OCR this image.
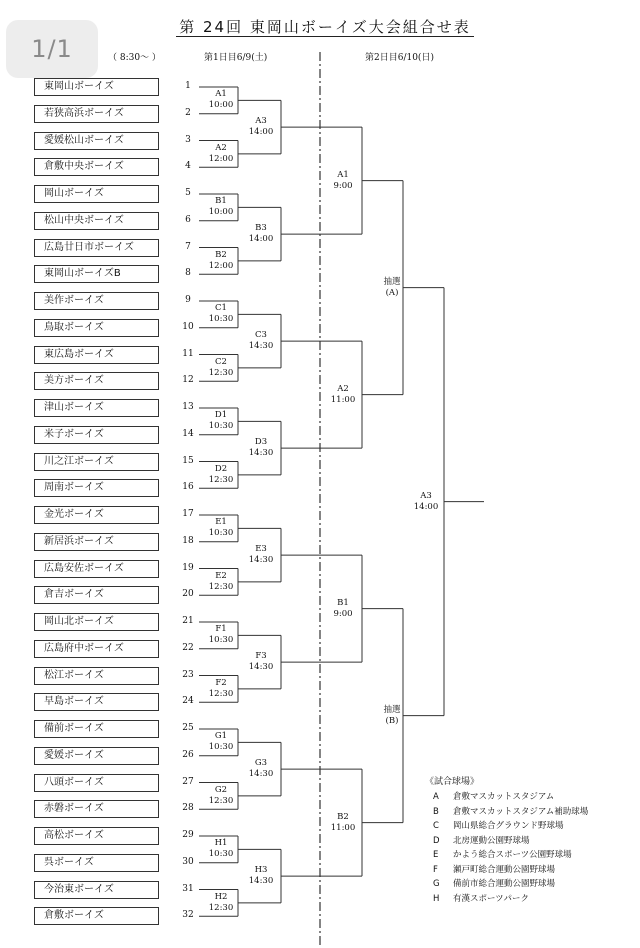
第 24回 東岡山ボーイズ大会組合せ表
（ 8:30～ ）	第1日目6/9(土)	第2日目6/10(日)
東岡山ボーイズ	1
若狭高浜ボーイズ	2
愛媛松山ボーイズ	3
倉敷中央ボーイズ	4
岡山ボーイズ	5
松山中央ボーイズ	6
広島廿日市ボーイズ	7
東岡山ボーイズB	8
美作ボーイズ	9
鳥取ボーイズ	10
東広島ボーイズ	11
美方ボーイズ	12
津山ボーイズ	13
米子ボーイズ	14
川之江ボーイズ	15
周南ボーイズ	16
金光ボーイズ	17
新居浜ボーイズ	18
広島安佐ボーイズ	19
倉吉ボーイズ	20
岡山北ボーイズ	21
広島府中ボーイズ	22
松江ボーイズ	23
早島ボーイズ	24
備前ボーイズ	25
愛媛ボーイズ	26
八頭ボーイズ	27
赤磐ボーイズ	28
高松ボーイズ	29
呉ボーイズ	30
今治東ボーイズ	31
倉敷ボーイズ	32
A1
10:00
A2
12:00
B1
10:00
B2
12:00
C1
10:30
C2
12:30
D1
10:30
D2
12:30
E1
10:30
E2
12:30
F1
10:30
F2
12:30
G1
10:30
G2
12:30
H1
10:30
H2
12:30
A3
14:00
B3
14:00
C3
14:30
D3
14:30
E3
14:30
F3
14:30
G3
14:30
H3
14:30
A1
9:00
A2
11:00
B1
9:00
B2
11:00
抽選
(A)
抽選
(B)
A3
14:00
《試合球場》
A 倉敷マスカットスタジアム
B 倉敷マスカットスタジアム補助球場
C 岡山県総合グラウンド野球場
D 北房運動公園野球場
E かよう総合スポーツ公園野球場
F 瀬戸町総合運動公園野球場
G 備前市総合運動公園野球場
H 有漢スポーツパーク
1/1
